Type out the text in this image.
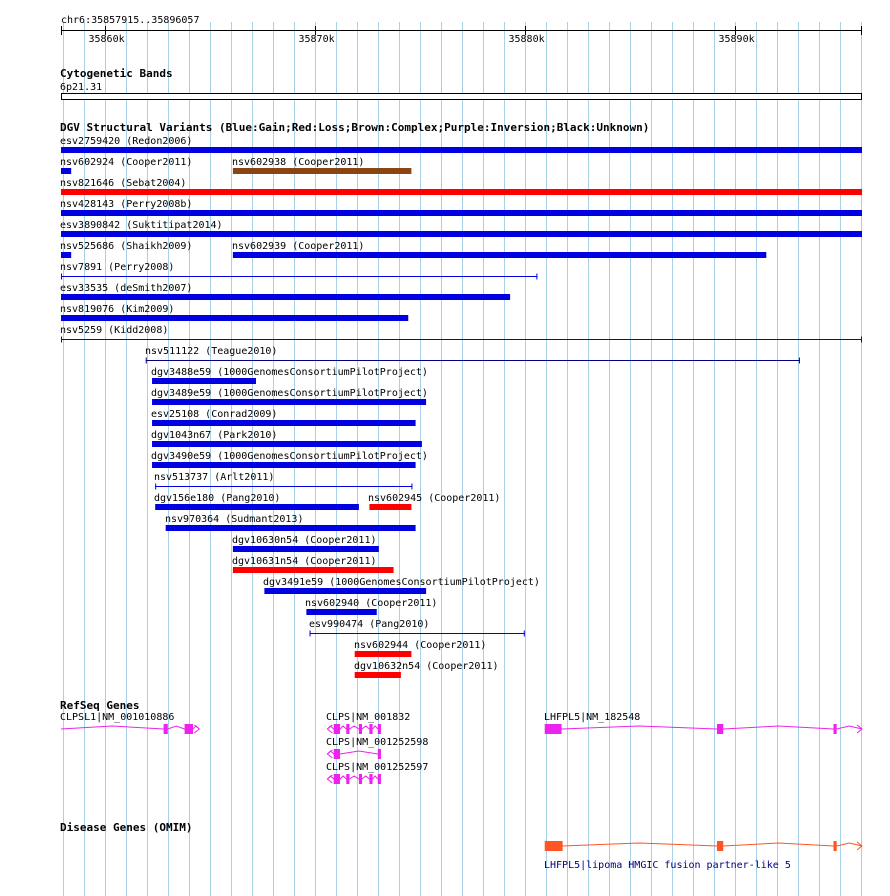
chr6:35857915..35896057
Cytogenetic Bands
6p21.31
DGV Structural Variants (Blue:Gain;Red:Loss;Brown:Complex;Purple:Inversion;Black:Unknown)
RefSeq Genes
Disease Genes (OMIM)
35860k	35870k	35880k	35890k
esv2759420 (Redon2006)
nsv602924 (Cooper2011)	nsv602938 (Cooper2011)
nsv821646 (Sebat2004)
nsv428143 (Perry2008b)
esv3890842 (Suktitipat2014)
nsv525686 (Shaikh2009)	nsv602939 (Cooper2011)
nsv7891 (Perry2008)
esv33535 (deSmith2007)
nsv819076 (Kim2009)
nsv5259 (Kidd2008)
nsv511122 (Teague2010)
dgv3488e59 (1000GenomesConsortiumPilotProject)
dgv3489e59 (1000GenomesConsortiumPilotProject)
esv25108 (Conrad2009)
dgv1043n67 (Park2010)
dgv3490e59 (1000GenomesConsortiumPilotProject)
nsv513737 (Arlt2011)
dgv156e180 (Pang2010)	nsv602945 (Cooper2011)
nsv970364 (Sudmant2013)
dgv10630n54 (Cooper2011)
dgv10631n54 (Cooper2011)
dgv3491e59 (1000GenomesConsortiumPilotProject)
nsv602940 (Cooper2011)
esv990474 (Pang2010)
nsv602944 (Cooper2011)
dgv10632n54 (Cooper2011)
CLPSL1|NM_001010886	CLPS|NM_001832
CLPS|NM_001252598
CLPS|NM_001252597
LHFPL5|NM_182548
LHFPL5|lipoma HMGIC fusion partner-like 5
